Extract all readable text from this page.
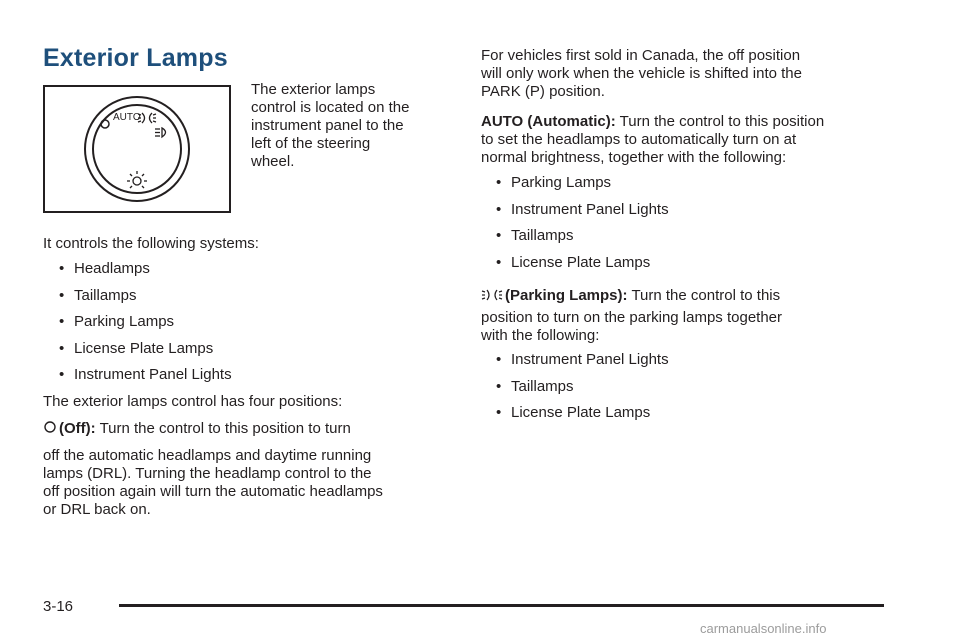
Exterior Lamps
AUTO
The exterior lamps control is located on the instrument panel to the left of the steering wheel.
It controls the following systems:
• Headlamps
• Taillamps
• Parking Lamps
• License Plate Lamps
• Instrument Panel Lights
The exterior lamps control has four positions:
(Off): Turn the control to this position to turn
off the automatic headlamps and daytime running
lamps (DRL). Turning the headlamp control to the
off position again will turn the automatic headlamps
or DRL back on.
For vehicles first sold in Canada, the off position
will only work when the vehicle is shifted into the
PARK (P) position.
AUTO (Automatic): Turn the control to this position
to set the headlamps to automatically turn on at
normal brightness, together with the following:
• Parking Lamps
• Instrument Panel Lights
• Taillamps
• License Plate Lamps
(Parking Lamps): Turn the control to this
position to turn on the parking lamps together
with the following:
• Instrument Panel Lights
• Taillamps
• License Plate Lamps
3-16
carmanualsonline.info
